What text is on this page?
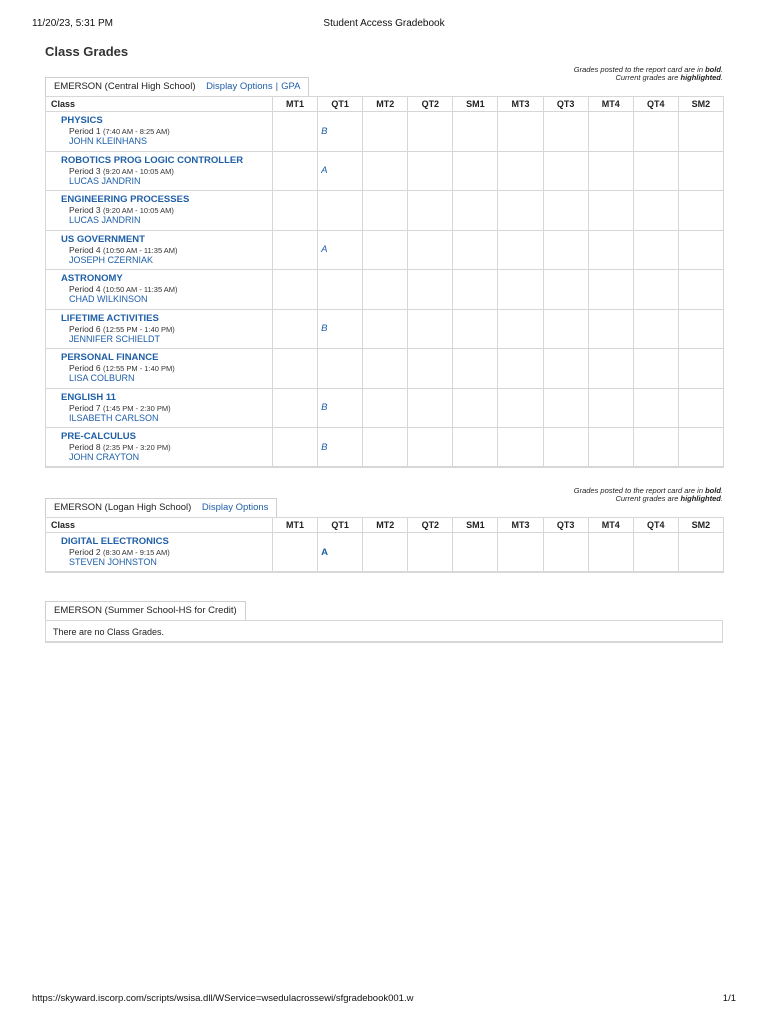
11/20/23, 5:31 PM	Student Access Gradebook
Class Grades
EMERSON (Central High School) Display Options | GPA
Grades posted to the report card are in bold.
Current grades are highlighted.
Class	MT1	QT1	MT2	QT2	SM1	MT3	QT3	MT4	QT4	SM2

PHYSICS
Period 1 (7:40 AM - 8:25 AM)
JOHN KLEINHANS		B								

ROBOTICS PROG LOGIC CONTROLLER
Period 3 (9:20 AM - 10:05 AM)
LUCAS JANDRIN		A								

ENGINEERING PROCESSES
Period 3 (9:20 AM - 10:05 AM)
LUCAS JANDRIN										

US GOVERNMENT
Period 4 (10:50 AM - 11:35 AM)
JOSEPH CZERNIAK		A								

ASTRONOMY
Period 4 (10:50 AM - 11:35 AM)
CHAD WILKINSON										

LIFETIME ACTIVITIES
Period 6 (12:55 PM - 1:40 PM)
JENNIFER SCHIELDT		B								

PERSONAL FINANCE
Period 6 (12:55 PM - 1:40 PM)
LISA COLBURN										

ENGLISH 11
Period 7 (1:45 PM - 2:30 PM)
ILSABETH CARLSON		B								

PRE-CALCULUS
Period 8 (2:35 PM - 3:20 PM)
JOHN CRAYTON		B								
EMERSON (Logan High School) Display Options
Grades posted to the report card are in bold.
Current grades are highlighted.
Class	MT1	QT1	MT2	QT2	SM1	MT3	QT3	MT4	QT4	SM2

DIGITAL ELECTRONICS
Period 2 (8:30 AM - 9:15 AM)
STEVEN JOHNSTON		A								
EMERSON (Summer School-HS for Credit)
There are no Class Grades.
https://skyward.iscorp.com/scripts/wsisa.dll/WService=wsedulacrossewi/sfgradebook001.w	1/1
